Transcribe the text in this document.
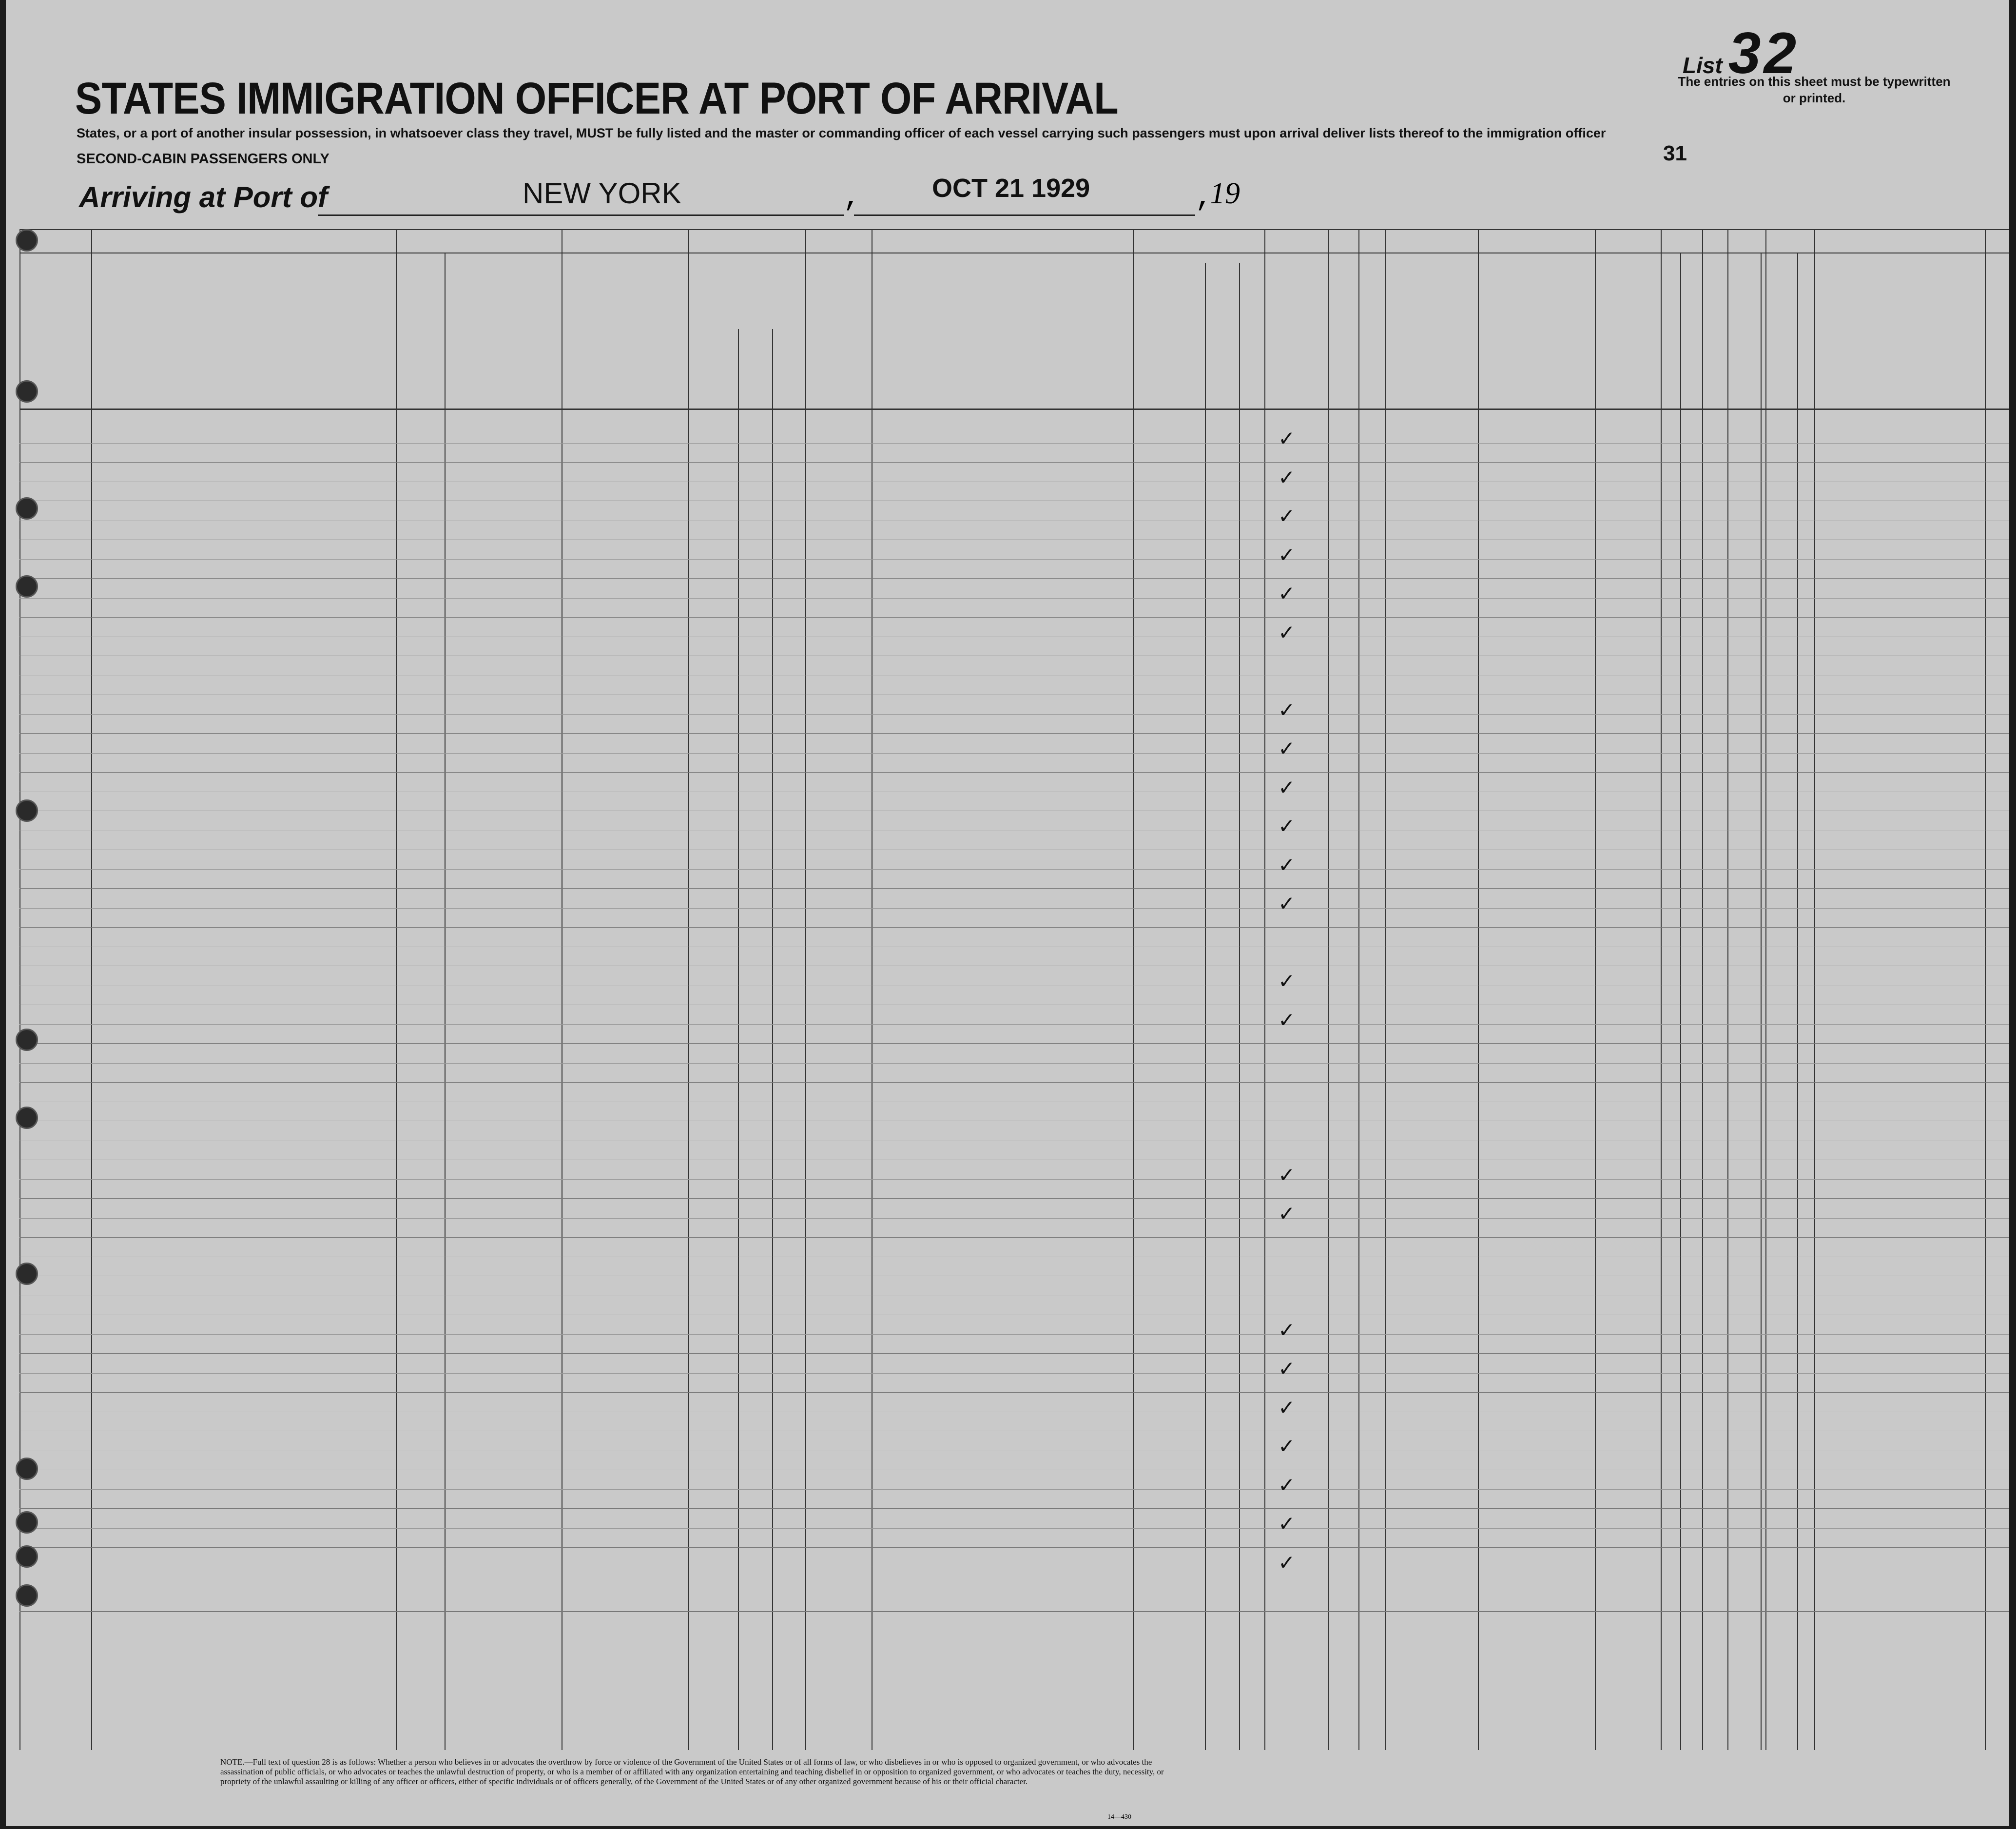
STATES IMMIGRATION OFFICER AT PORT OF ARRIVAL
States, or a port of another insular possession, in whatsoever class they travel, MUST be fully listed and the master or commanding officer of each vessel carrying such passengers must upon arrival deliver lists thereof to the immigration officer
SECOND-CABIN PASSENGERS ONLY
List 32
The entries on this sheet must be typewritten or printed.
31
Arriving at Port of	NEW YORK	,	OCT 21 1929	,
19
✓
✓
✓
✓
✓
✓
✓
✓
✓
✓
✓
✓
✓
✓
✓
✓
✓
✓
✓
✓
✓
✓
✓
NOTE.—Full text of question 28 is as follows: Whether a person who believes in or advocates the overthrow by force or violence of the Government of the United States or of all forms of law, or who disbelieves in or who is opposed to organized government, or who advocates the assassination of public officials, or who advocates or teaches the unlawful destruction of property, or who is a member of or affiliated with any organization entertaining and teaching disbelief in or opposition to organized government, or who advocates or teaches the duty, necessity, or propriety of the unlawful assaulting or killing of any officer or officers, either of specific individuals or of officers generally, of the Government of the United States or of any other organized government because of his or their official character.
14—430
